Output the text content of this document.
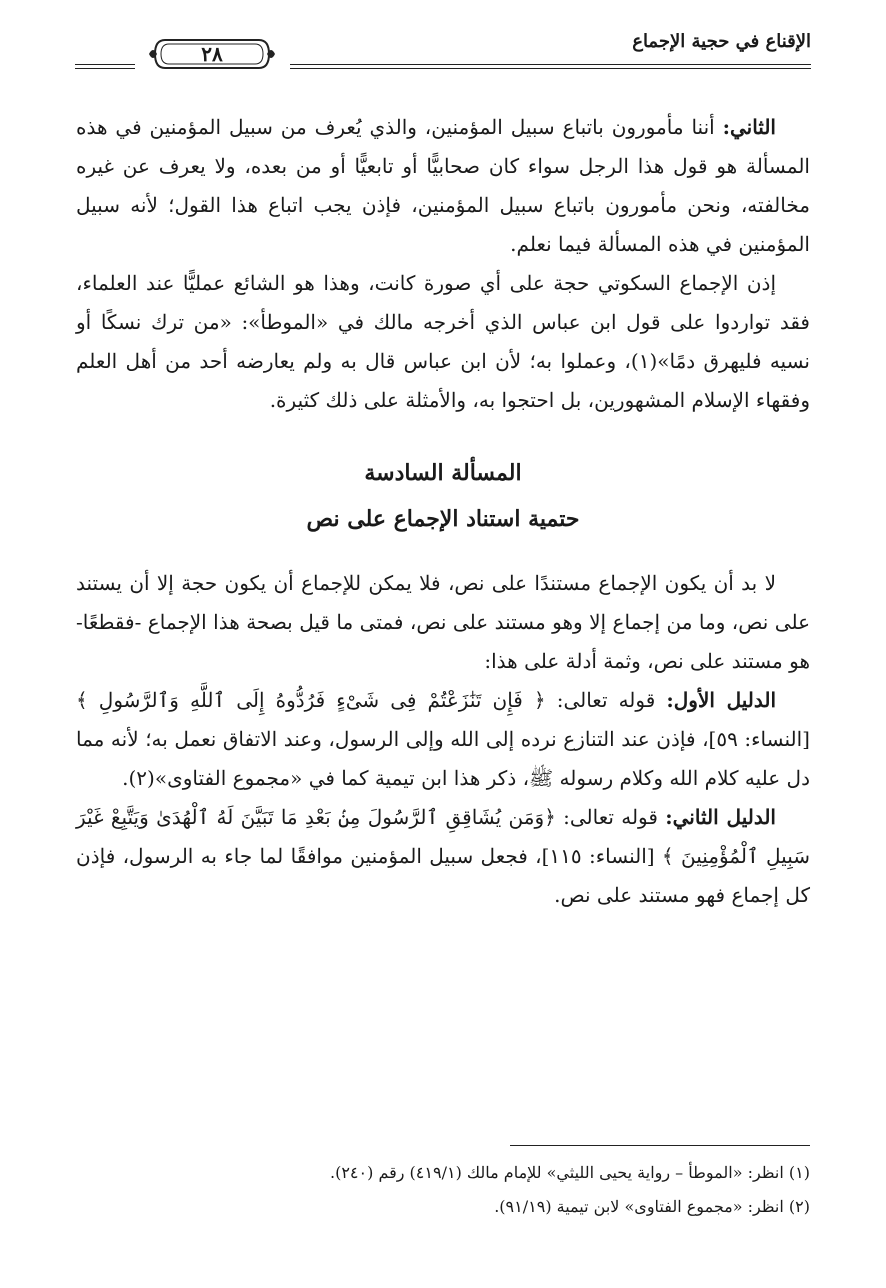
الإقناع في حجية الإجماع
٢٨

الثاني: أننا مأمورون باتباع سبيل المؤمنين، والذي يُعرف من سبيل المؤمنين في هذه المسألة هو قول هذا الرجل سواء كان صحابيًّا أو تابعيًّا أو من بعده، ولا يعرف عن غيره مخالفته، ونحن مأمورون باتباع سبيل المؤمنين، فإذن يجب اتباع هذا القول؛ لأنه سبيل المؤمنين في هذه المسألة فيما نعلم.

إذن الإجماع السكوتي حجة على أي صورة كانت، وهذا هو الشائع عمليًّا عند العلماء، فقد تواردوا على قول ابن عباس الذي أخرجه مالك في «الموطأ»: «من ترك نسكًا أو نسيه فليهرق دمًا»(١)، وعملوا به؛ لأن ابن عباس قال به ولم يعارضه أحد من أهل العلم وفقهاء الإسلام المشهورين، بل احتجوا به، والأمثلة على ذلك كثيرة.

المسألة السادسة
حتمية استناد الإجماع على نص

لا بد أن يكون الإجماع مستندًا على نص، فلا يمكن للإجماع أن يكون حجة إلا أن يستند على نص، وما من إجماع إلا وهو مستند على نص، فمتى ما قيل بصحة هذا الإجماع -فقطعًا- هو مستند على نص، وثمة أدلة على هذا:

الدليل الأول: قوله تعالى: ﴿ فَإِن تَنَٰزَعْتُمْ فِى شَىْءٍ فَرُدُّوهُ إِلَى ٱللَّهِ وَٱلرَّسُولِ ﴾ [النساء: ٥٩]، فإذن عند التنازع نرده إلى الله وإلى الرسول، وعند الاتفاق نعمل به؛ لأنه مما دل عليه كلام الله وكلام رسوله ﷺ، ذكر هذا ابن تيمية كما في «مجموع الفتاوى»(٢).

الدليل الثاني: قوله تعالى: ﴿وَمَن يُشَاقِقِ ٱلرَّسُولَ مِنۢ بَعْدِ مَا تَبَيَّنَ لَهُ ٱلْهُدَىٰ وَيَتَّبِعْ غَيْرَ سَبِيلِ ٱلْمُؤْمِنِينَ ﴾ [النساء: ١١٥]، فجعل سبيل المؤمنين موافقًا لما جاء به الرسول، فإذن كل إجماع فهو مستند على نص.

(١) انظر: «الموطأ – رواية يحيى الليثي» للإمام مالك (٤١٩/١) رقم (٢٤٠).
(٢) انظر: «مجموع الفتاوى» لابن تيمية (٩١/١٩).
